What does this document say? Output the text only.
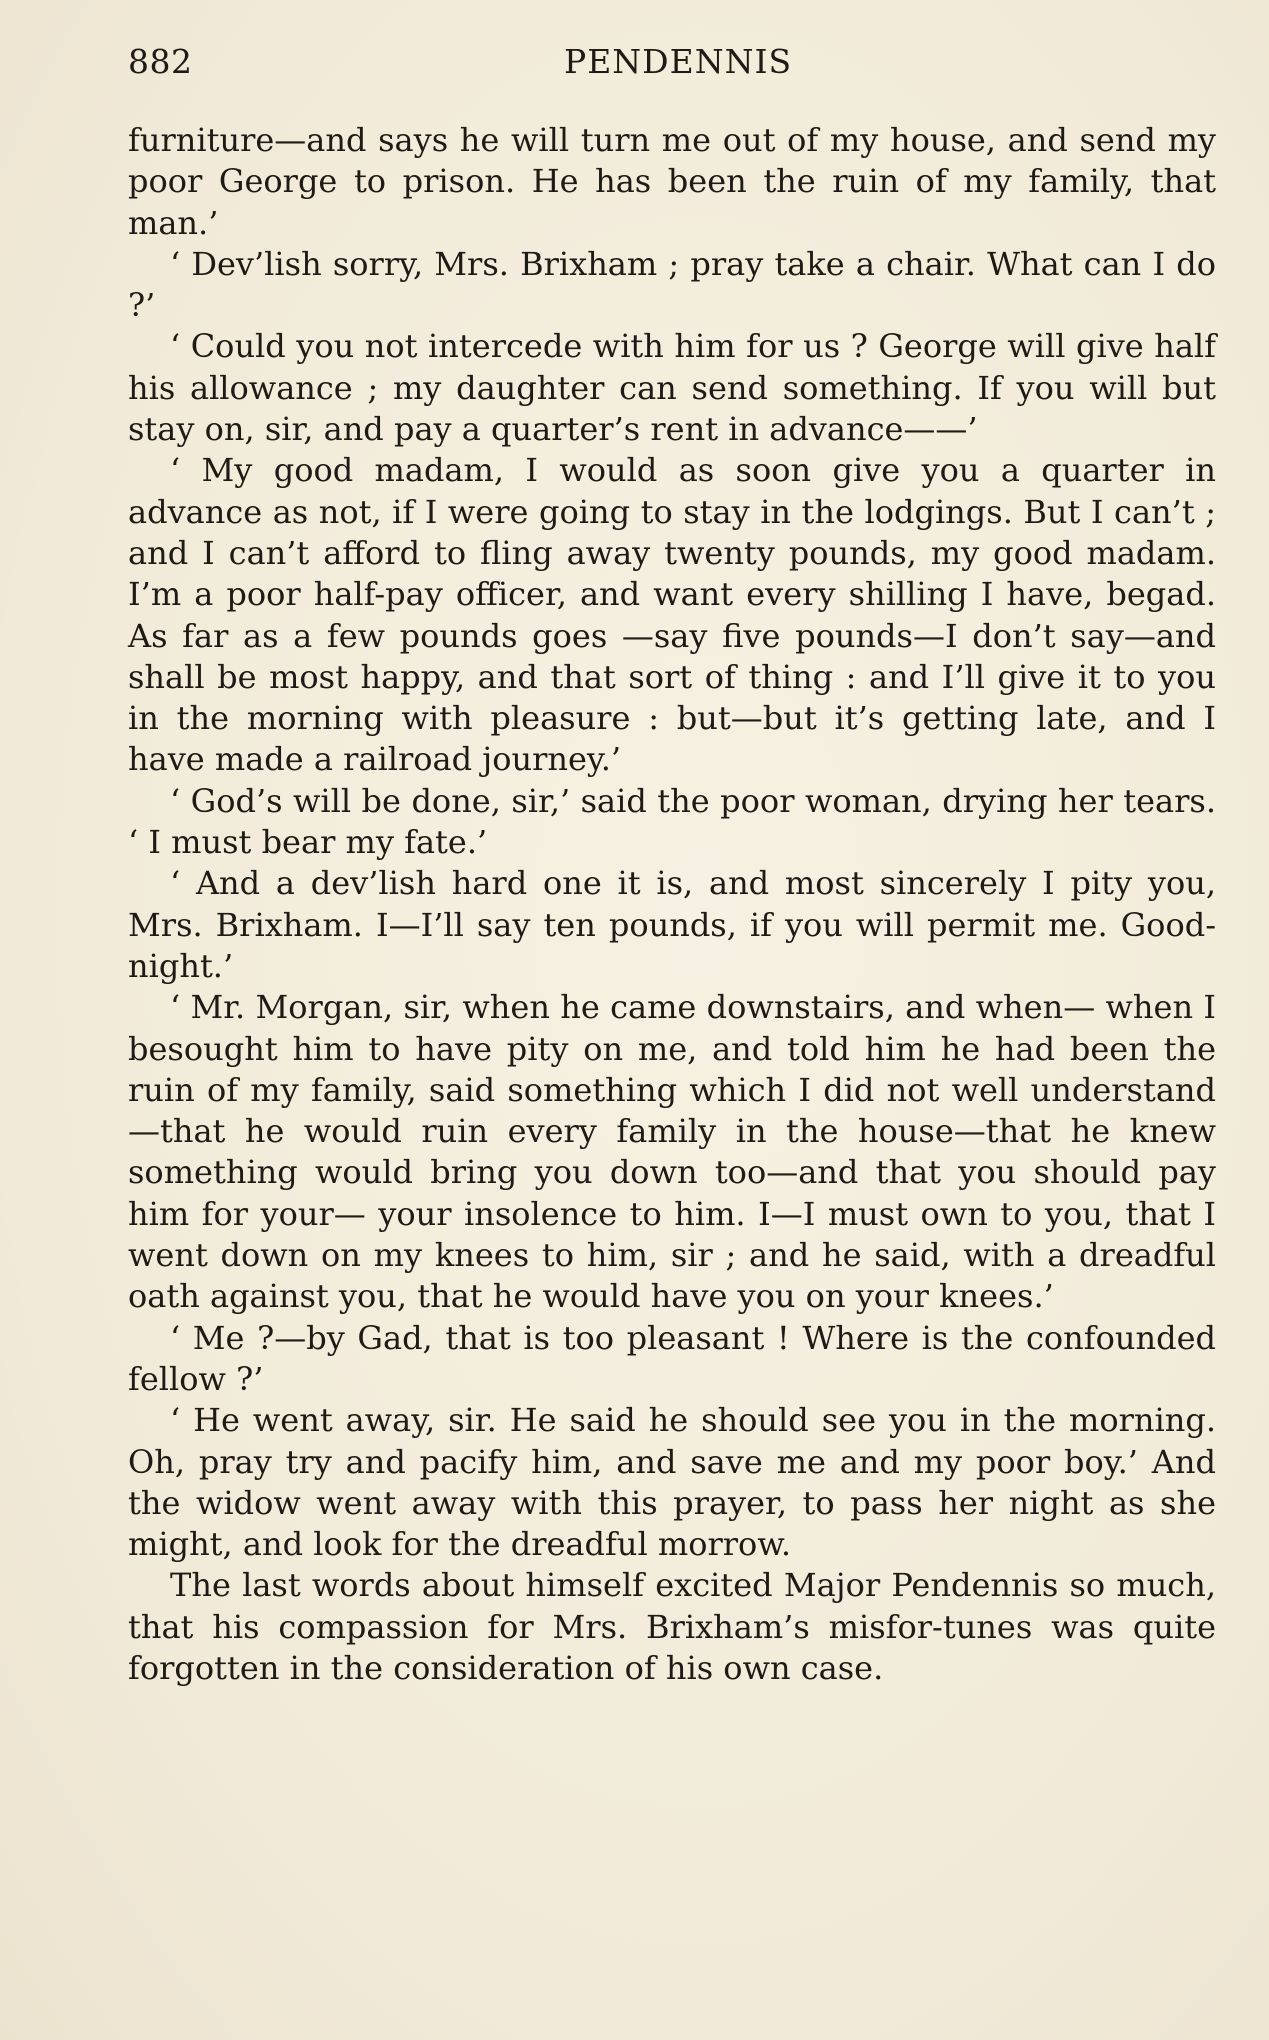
882	PENDENNIS

furniture—and says he will turn me out of my house, and send my poor George to prison. He has been the ruin of my family, that man.’

‘ Dev’lish sorry, Mrs. Brixham ; pray take a chair. What can I do ?’

‘ Could you not intercede with him for us ? George will give half his allowance ; my daughter can send something. If you will but stay on, sir, and pay a quarter’s rent in advance——’

‘ My good madam, I would as soon give you a quarter in advance as not, if I were going to stay in the lodgings. But I can’t ; and I can’t afford to fling away twenty pounds, my good madam. I’m a poor half-pay officer, and want every shilling I have, begad. As far as a few pounds goes —say five pounds—I don’t say—and shall be most happy, and that sort of thing : and I’ll give it to you in the morning with pleasure : but—but it’s getting late, and I have made a railroad journey.’

‘ God’s will be done, sir,’ said the poor woman, drying her tears. ‘ I must bear my fate.’

‘ And a dev’lish hard one it is, and most sincerely I pity you, Mrs. Brixham. I—I’ll say ten pounds, if you will permit me. Good-night.’

‘ Mr. Morgan, sir, when he came downstairs, and when— when I besought him to have pity on me, and told him he had been the ruin of my family, said something which I did not well understand—that he would ruin every family in the house—that he knew something would bring you down too—and that you should pay him for your— your insolence to him. I—I must own to you, that I went down on my knees to him, sir ; and he said, with a dreadful oath against you, that he would have you on your knees.’

‘ Me ?—by Gad, that is too pleasant ! Where is the confounded fellow ?’

‘ He went away, sir. He said he should see you in the morning. Oh, pray try and pacify him, and save me and my poor boy.’ And the widow went away with this prayer, to pass her night as she might, and look for the dreadful morrow.

The last words about himself excited Major Pendennis so much, that his compassion for Mrs. Brixham’s misfor-tunes was quite forgotten in the consideration of his own case.
